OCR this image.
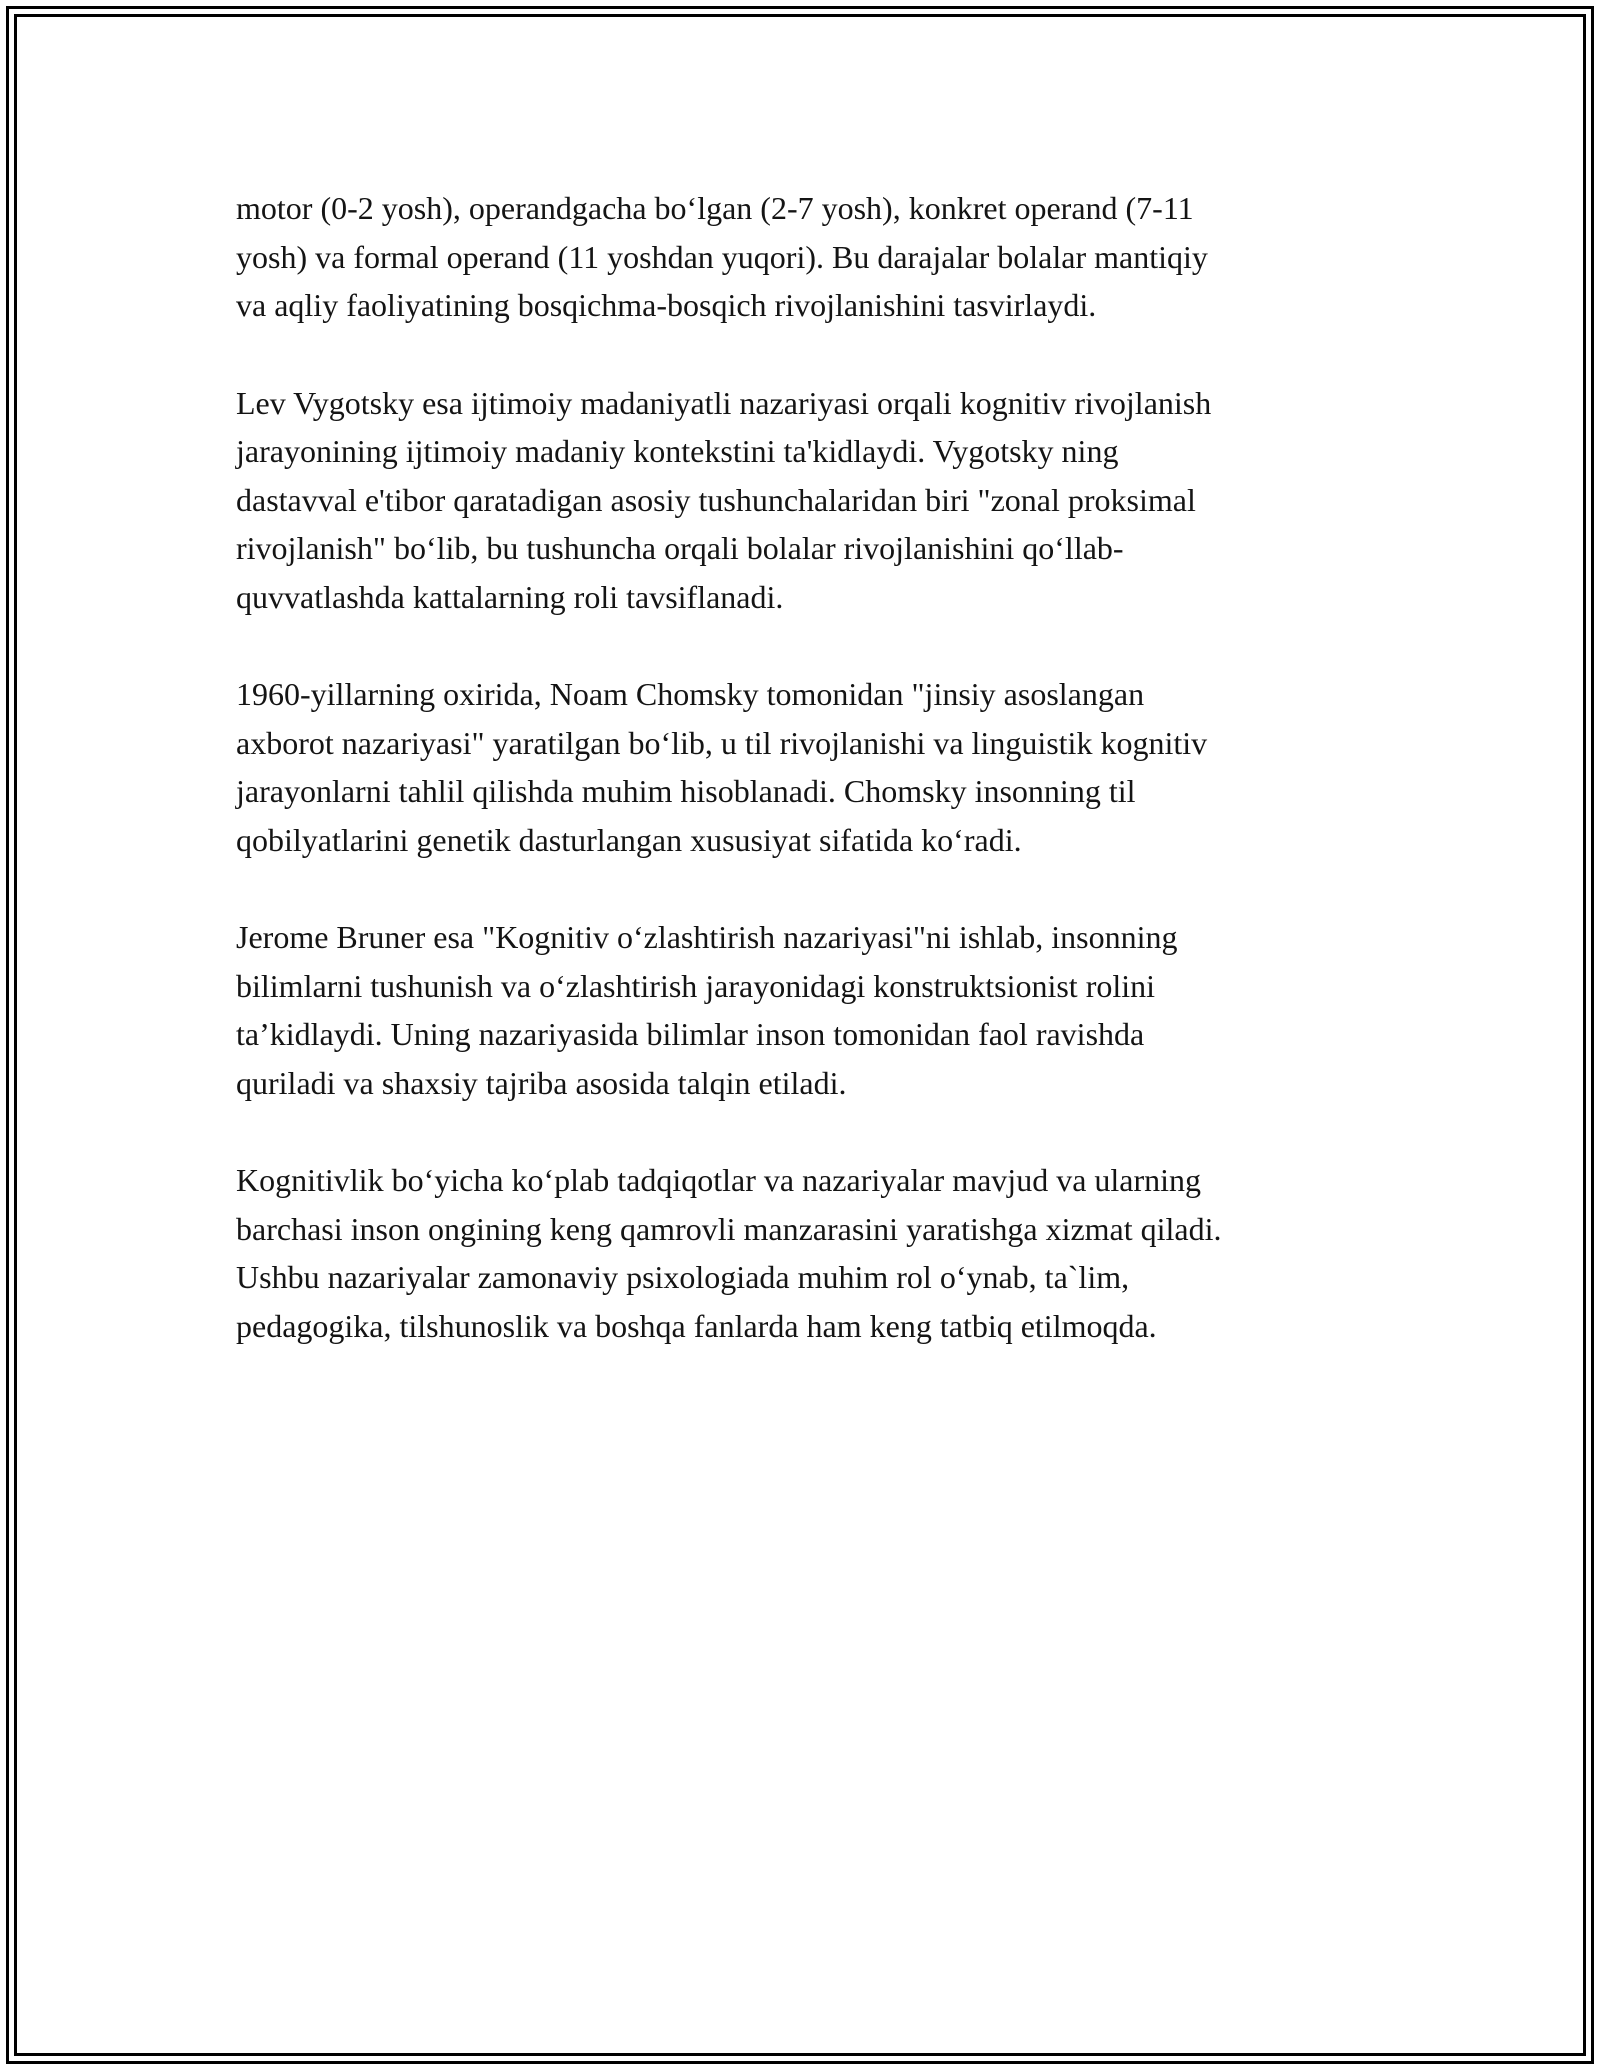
motor (0-2 yosh), operandgacha bo‘lgan (2-7 yosh), konkret operand (7-11
yosh) va formal operand (11 yoshdan yuqori). Bu darajalar bolalar mantiqiy
va aqliy faoliyatining bosqichma-bosqich rivojlanishini tasvirlaydi.

Lev Vygotsky esa ijtimoiy madaniyatli nazariyasi orqali kognitiv rivojlanish
jarayonining ijtimoiy madaniy kontekstini ta'kidlaydi. Vygotsky ning
dastavval e'tibor qaratadigan asosiy tushunchalaridan biri "zonal proksimal
rivojlanish" bo‘lib, bu tushuncha orqali bolalar rivojlanishini qo‘llab-
quvvatlashda kattalarning roli tavsiflanadi.

1960-yillarning oxirida, Noam Chomsky tomonidan "jinsiy asoslangan
axborot nazariyasi" yaratilgan bo‘lib, u til rivojlanishi va linguistik kognitiv
jarayonlarni tahlil qilishda muhim hisoblanadi. Chomsky insonning til
qobilyatlarini genetik dasturlangan xususiyat sifatida ko‘radi.

Jerome Bruner esa "Kognitiv o‘zlashtirish nazariyasi"ni ishlab, insonning
bilimlarni tushunish va o‘zlashtirish jarayonidagi konstruktsionist rolini
ta’kidlaydi. Uning nazariyasida bilimlar inson tomonidan faol ravishda
quriladi va shaxsiy tajriba asosida talqin etiladi.

Kognitivlik bo‘yicha ko‘plab tadqiqotlar va nazariyalar mavjud va ularning
barchasi inson ongining keng qamrovli manzarasini yaratishga xizmat qiladi.
Ushbu nazariyalar zamonaviy psixologiada muhim rol o‘ynab, ta`lim,
pedagogika, tilshunoslik va boshqa fanlarda ham keng tatbiq etilmoqda.
